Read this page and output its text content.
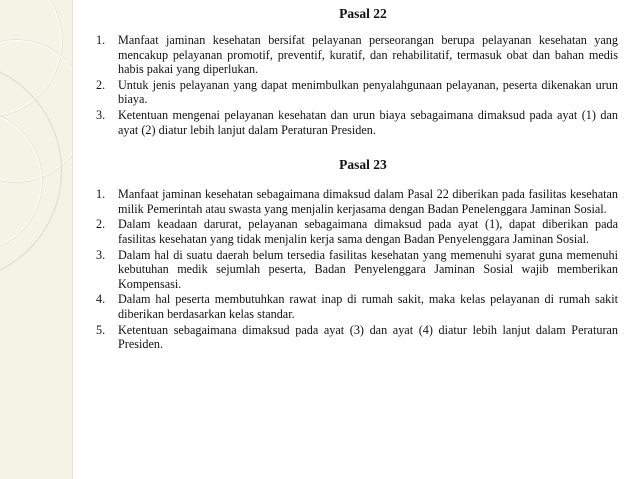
Pasal 22
1. Manfaat jaminan kesehatan bersifat pelayanan perseorangan berupa pelayanan kesehatan yang mencakup pelayanan promotif, preventif, kuratif, dan rehabilitatif, termasuk obat dan bahan medis habis pakai yang diperlukan.
2. Untuk jenis pelayanan yang dapat menimbulkan penyalahgunaan pelayanan, peserta dikenakan urun biaya.
3. Ketentuan mengenai pelayanan kesehatan dan urun biaya sebagaimana dimaksud pada ayat (1) dan ayat (2) diatur lebih lanjut dalam Peraturan Presiden.
Pasal 23
1. Manfaat jaminan kesehatan sebagaimana dimaksud dalam Pasal 22 diberikan pada fasilitas kesehatan milik Pemerintah atau swasta yang menjalin kerjasama dengan Badan Penelenggara Jaminan Sosial.
2. Dalam keadaan darurat, pelayanan sebagaimana dimaksud pada ayat (1), dapat diberikan pada fasilitas kesehatan yang tidak menjalin kerja sama dengan Badan Penyelenggara Jaminan Sosial.
3. Dalam hal di suatu daerah belum tersedia fasilitas kesehatan yang memenuhi syarat guna memenuhi kebutuhan medik sejumlah peserta, Badan Penyelenggara Jaminan Sosial wajib memberikan Kompensasi.
4. Dalam hal peserta membutuhkan rawat inap di rumah sakit, maka kelas pelayanan di rumah sakit diberikan berdasarkan kelas standar.
5. Ketentuan sebagaimana dimaksud pada ayat (3) dan ayat (4) diatur lebih lanjut dalam Peraturan Presiden.
